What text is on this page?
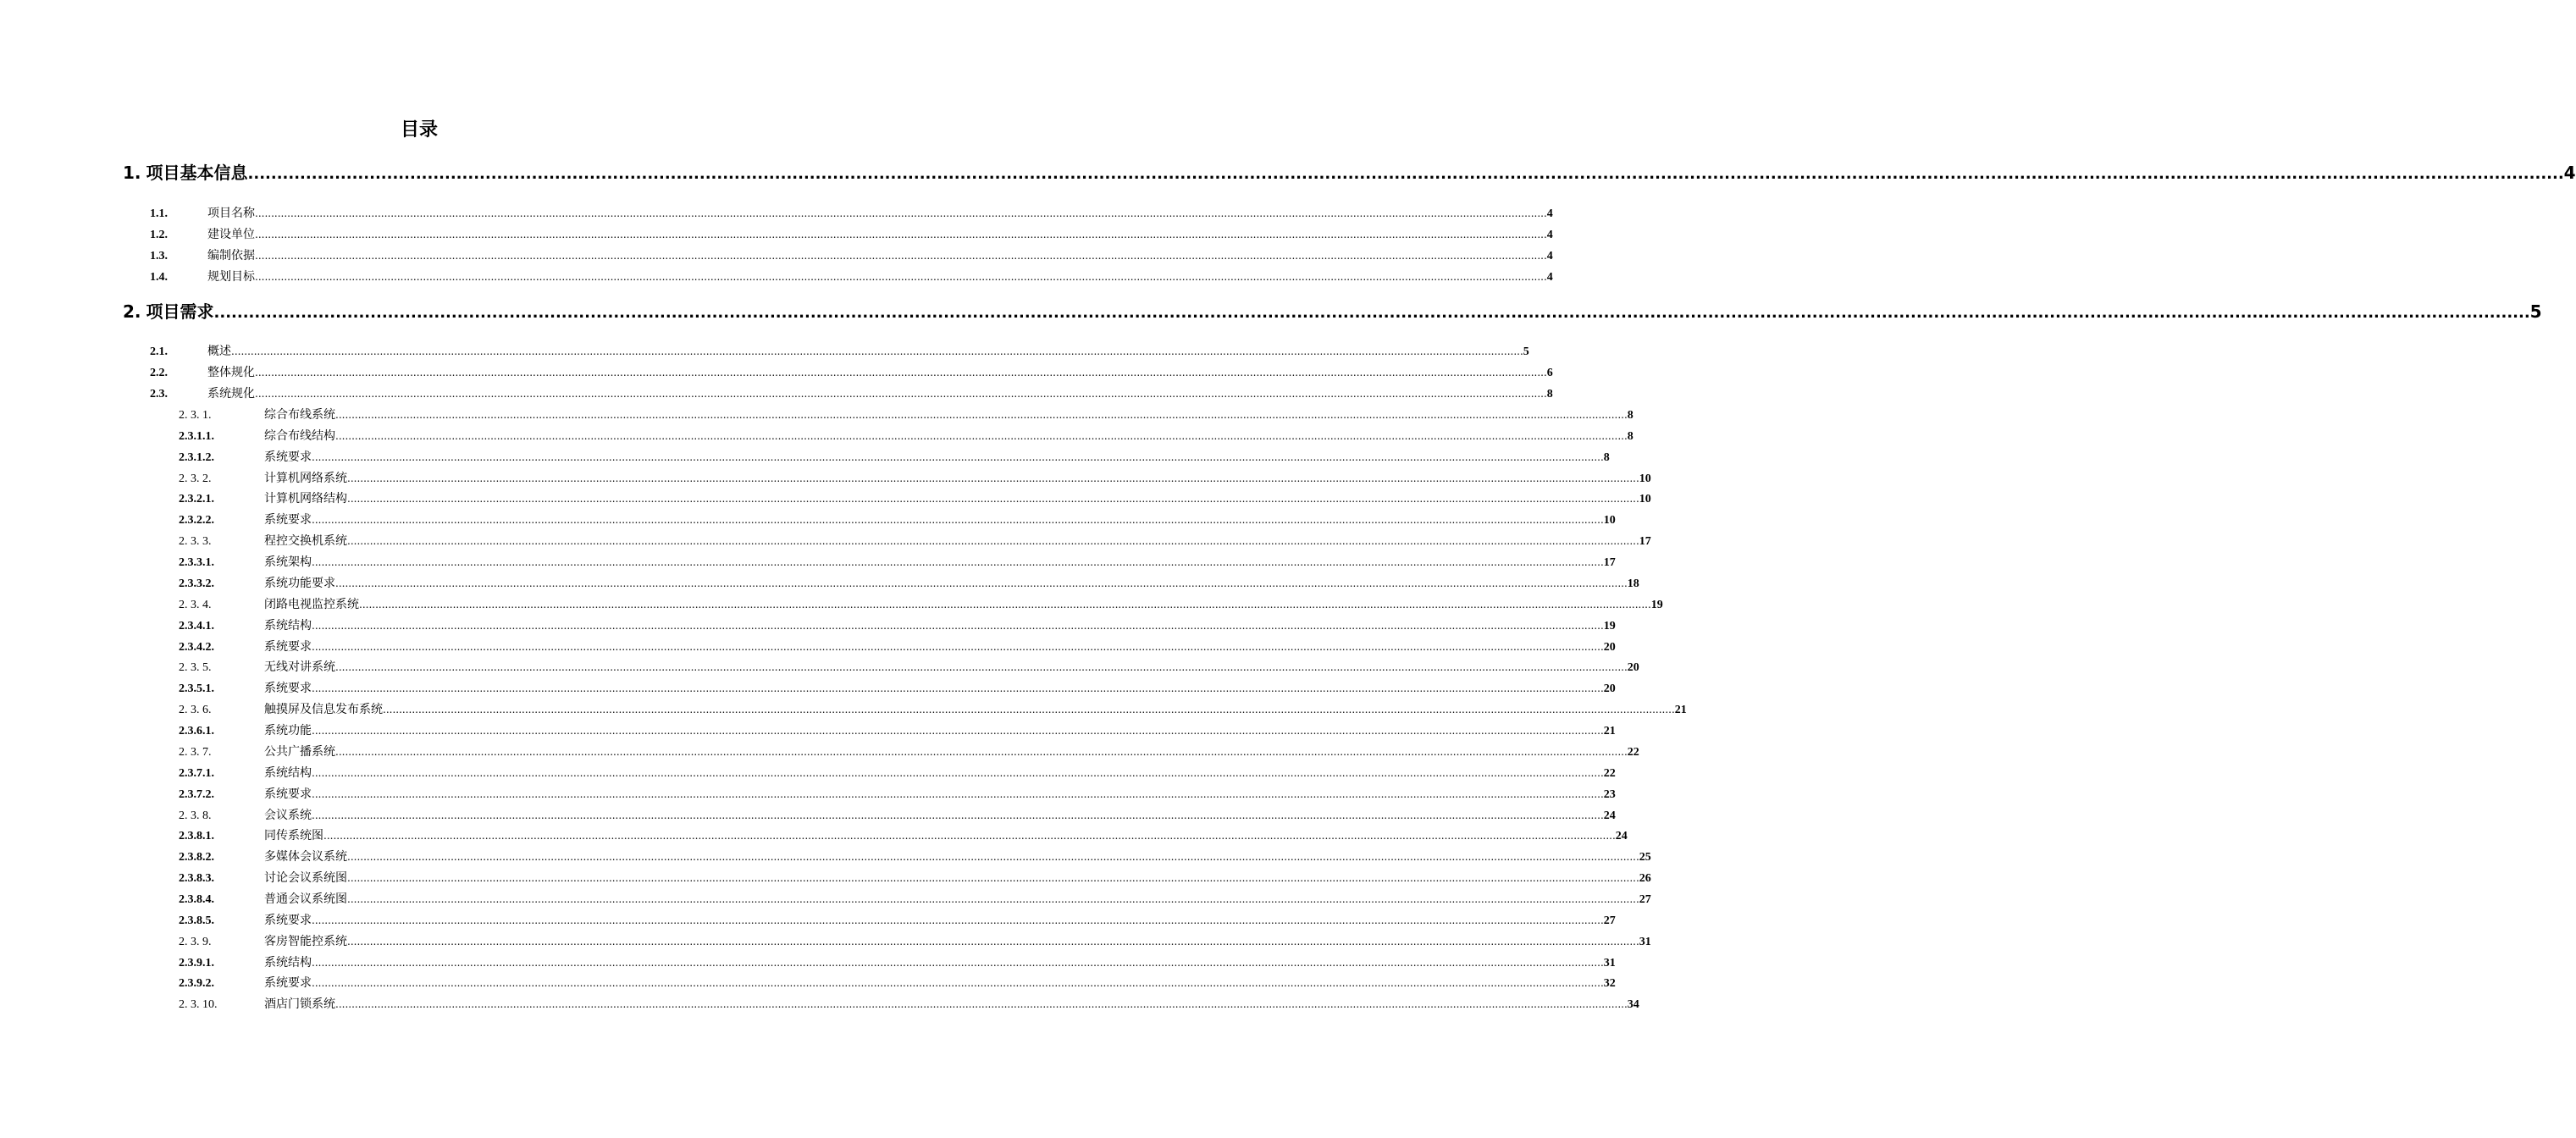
目录
1. 项目基本信息 ................................................................................................................................................................................................................................................................................................................................................................................................................ 4
1.1.	项目名称 ................................................................................................................................................................................................................................................................................................................................................................................................................ 4
1.2.	建设单位 ................................................................................................................................................................................................................................................................................................................................................................................................................ 4
1.3.	编制依据 ................................................................................................................................................................................................................................................................................................................................................................................................................ 4
1.4.	规划目标 ................................................................................................................................................................................................................................................................................................................................................................................................................ 4
2. 项目需求 ................................................................................................................................................................................................................................................................................................................................................................................................................ 5
2.1.	概述 ................................................................................................................................................................................................................................................................................................................................................................................................................ 5
2.2.	整体规化 ................................................................................................................................................................................................................................................................................................................................................................................................................ 6
2.3.	系统规化 ................................................................................................................................................................................................................................................................................................................................................................................................................ 8
2. 3. 1.	综合布线系统 ................................................................................................................................................................................................................................................................................................................................................................................................................ 8
2.3.1.1.	综合布线结构 ................................................................................................................................................................................................................................................................................................................................................................................................................ 8
2.3.1.2.	系统要求 ................................................................................................................................................................................................................................................................................................................................................................................................................ 8
2. 3. 2.	计算机网络系统 ................................................................................................................................................................................................................................................................................................................................................................................................................ 10
2.3.2.1.	计算机网络结构 ................................................................................................................................................................................................................................................................................................................................................................................................................ 10
2.3.2.2.	系统要求 ................................................................................................................................................................................................................................................................................................................................................................................................................ 10
2. 3. 3.	程控交换机系统 ................................................................................................................................................................................................................................................................................................................................................................................................................ 17
2.3.3.1.	系统架构 ................................................................................................................................................................................................................................................................................................................................................................................................................ 17
2.3.3.2.	系统功能要求 ................................................................................................................................................................................................................................................................................................................................................................................................................ 18
2. 3. 4.	闭路电视监控系统 ................................................................................................................................................................................................................................................................................................................................................................................................................ 19
2.3.4.1.	系统结构 ................................................................................................................................................................................................................................................................................................................................................................................................................ 19
2.3.4.2.	系统要求 ................................................................................................................................................................................................................................................................................................................................................................................................................ 20
2. 3. 5.	无线对讲系统 ................................................................................................................................................................................................................................................................................................................................................................................................................ 20
2.3.5.1.	系统要求 ................................................................................................................................................................................................................................................................................................................................................................................................................ 20
2. 3. 6.	触摸屏及信息发布系统 ................................................................................................................................................................................................................................................................................................................................................................................................................ 21
2.3.6.1.	系统功能 ................................................................................................................................................................................................................................................................................................................................................................................................................ 21
2. 3. 7.	公共广播系统 ................................................................................................................................................................................................................................................................................................................................................................................................................ 22
2.3.7.1.	系统结构 ................................................................................................................................................................................................................................................................................................................................................................................................................ 22
2.3.7.2.	系统要求 ................................................................................................................................................................................................................................................................................................................................................................................................................ 23
2. 3. 8.	会议系统 ................................................................................................................................................................................................................................................................................................................................................................................................................ 24
2.3.8.1.	同传系统图 ................................................................................................................................................................................................................................................................................................................................................................................................................ 24
2.3.8.2.	多媒体会议系统 ................................................................................................................................................................................................................................................................................................................................................................................................................ 25
2.3.8.3.	讨论会议系统图 ................................................................................................................................................................................................................................................................................................................................................................................................................ 26
2.3.8.4.	普通会议系统图 ................................................................................................................................................................................................................................................................................................................................................................................................................ 27
2.3.8.5.	系统要求 ................................................................................................................................................................................................................................................................................................................................................................................................................ 27
2. 3. 9.	客房智能控系统 ................................................................................................................................................................................................................................................................................................................................................................................................................ 31
2.3.9.1.	系统结构 ................................................................................................................................................................................................................................................................................................................................................................................................................ 31
2.3.9.2.	系统要求 ................................................................................................................................................................................................................................................................................................................................................................................................................ 32
2. 3. 10.	酒店门锁系统 ................................................................................................................................................................................................................................................................................................................................................................................................................ 34
